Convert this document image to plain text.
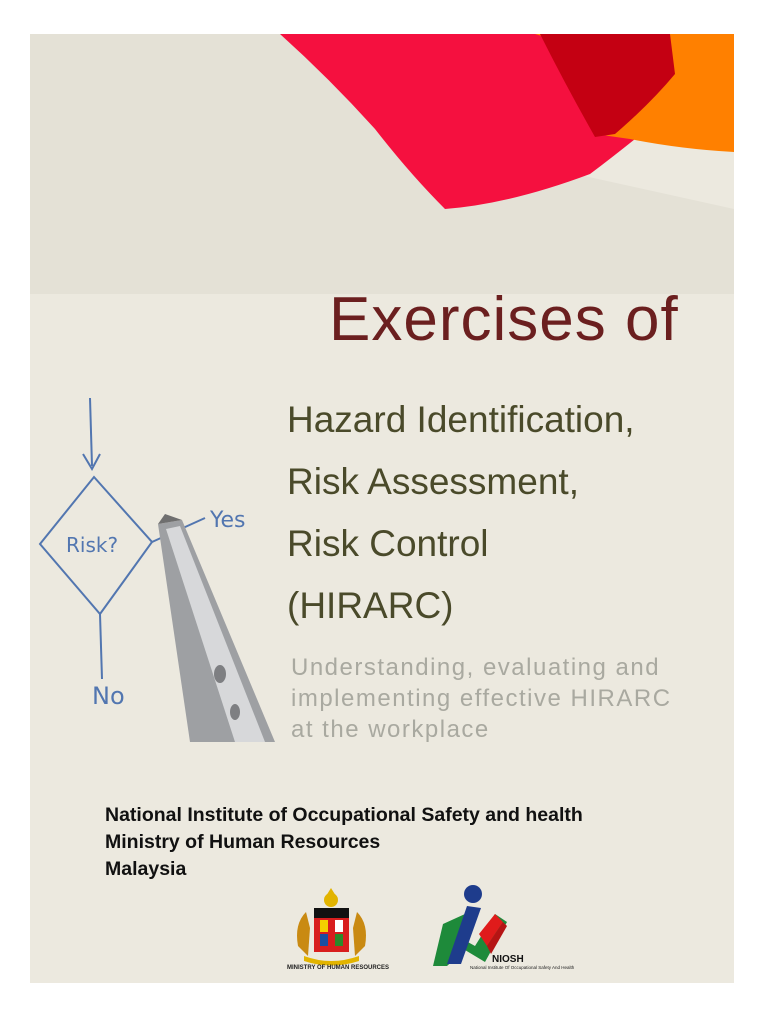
Risk?
Yes
No
Exercises of
Hazard Identification,
Risk Assessment,
Risk Control
(HIRARC)
Understanding, evaluating and
implementing effective HIRARC
at the workplace
National Institute of Occupational Safety and health
Ministry of Human Resources
Malaysia
MINISTRY OF HUMAN RESOURCES
NIOSH
National Institute Of Occupational Safety And Health
